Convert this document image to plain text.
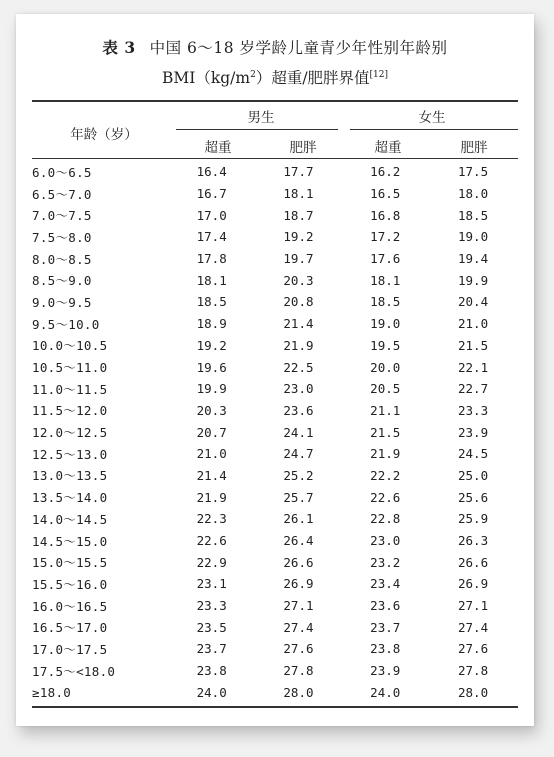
表 3 中国 6～18 岁学龄儿童青少年性别年龄别
$BMI(kg/m^2)$超重/肥胖界值[12]
年龄（岁）
男生	女生
超重	肥胖	超重	肥胖
6.0～6.5	16.4	17.7	16.2	17.5
6.5～7.0	16.7	18.1	16.5	18.0
7.0～7.5	17.0	18.7	16.8	18.5
7.5～8.0	17.4	19.2	17.2	19.0
8.0～8.5	17.8	19.7	17.6	19.4
8.5～9.0	18.1	20.3	18.1	19.9
9.0～9.5	18.5	20.8	18.5	20.4
9.5～10.0	18.9	21.4	19.0	21.0
10.0～10.5	19.2	21.9	19.5	21.5
10.5～11.0	19.6	22.5	20.0	22.1
11.0～11.5	19.9	23.0	20.5	22.7
11.5～12.0	20.3	23.6	21.1	23.3
12.0～12.5	20.7	24.1	21.5	23.9
12.5～13.0	21.0	24.7	21.9	24.5
13.0～13.5	21.4	25.2	22.2	25.0
13.5～14.0	21.9	25.7	22.6	25.6
14.0～14.5	22.3	26.1	22.8	25.9
14.5～15.0	22.6	26.4	23.0	26.3
15.0～15.5	22.9	26.6	23.2	26.6
15.5～16.0	23.1	26.9	23.4	26.9
16.0～16.5	23.3	27.1	23.6	27.1
16.5～17.0	23.5	27.4	23.7	27.4
17.0～17.5	23.7	27.6	23.8	27.6
17.5～<18.0	23.8	27.8	23.9	27.8
≥18.0	24.0	28.0	24.0	28.0
